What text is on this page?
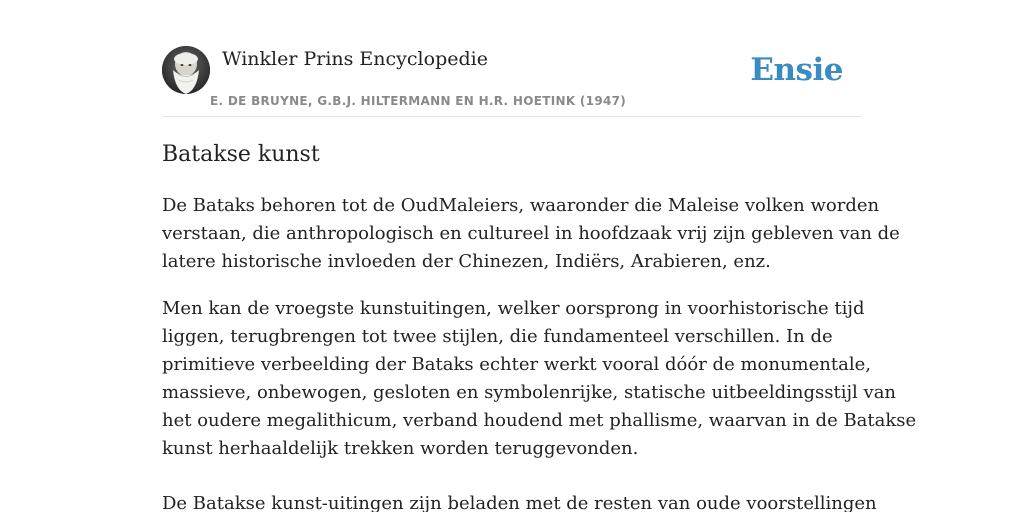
Winkler Prins Encyclopedie
E. DE BRUYNE, G.B.J. HILTERMANN EN H.R. HOETINK (1947)
Ensie
Batakse kunst

De Bataks behoren tot de OudMaleiers, waaronder die Maleise volken worden

verstaan, die anthropologisch en cultureel in hoofdzaak vrij zijn gebleven van de

latere historische invloeden der Chinezen, Indiërs, Arabieren, enz.

Men kan de vroegste kunstuitingen, welker oorsprong in voorhistorische tijd

liggen, terugbrengen tot twee stijlen, die fundamenteel verschillen. In de

primitieve verbeelding der Bataks echter werkt vooral dóór de monumentale,

massieve, onbewogen, gesloten en symbolenrijke, statische uitbeeldingsstijl van

het oudere megalithicum, verband houdend met phallisme, waarvan in de Batakse

kunst herhaaldelijk trekken worden teruggevonden.

De Batakse kunst-uitingen zijn beladen met de resten van oude voorstellingen
